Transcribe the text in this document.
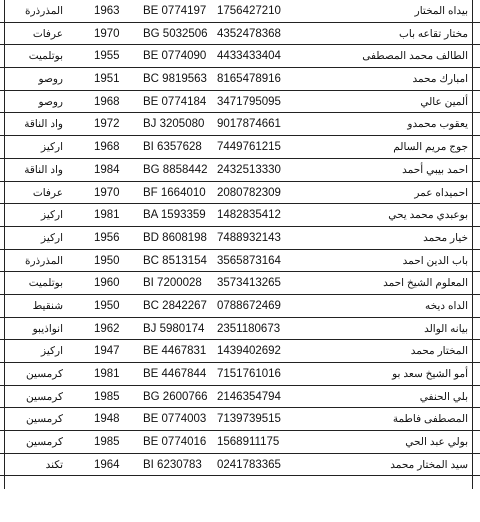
المذرذرة	1963	BE 0774197 1756427210	بيداه المختار
عرفات	1970	BG 5032506 4352478368	مختار تقاعه باب
بوتلميت	1955	BE 0774090 4433433404	الطالف محمد المصطفى
روصو	1951	BC 9819563 8165478916	امبارك محمد
روصو	1968	BE 0774184 3471795095	ألمين عالي
واد الناقة	1972	BJ 3205080	9017874661	يعقوب محمدو
اركيز	1968	BI 6357628	7449761215	جوج مريم السالم
واد الناقة	1984	BG 8858442 2432513330	احمد بيبي أحمد
عرفات	1970	BF 1664010 2080782309	احميداه عمر
اركيز	1981	BA 1593359 1482835412	بوعبدي محمد يحي
اركيز	1956	BD 8608198 7488932143	خيار محمد
المذرذرة	1950	BC 8513154 3565873164	باب الدين احمد
بوتلميت	1960	BI 7200028	3573413265	المعلوم الشيخ احمد
شنقيط	1950	BC 2842267 0788672469	الداه ديخه
انواذيبو	1962	BJ 5980174	2351180673	بيانه الوالد
اركيز	1947	BE 4467831 1439402692	المختار محمد
كرمسين	1981	BE 4467844 7151761016	أمو الشيخ سعد بو
كرمسين	1985	BG 2600766 2146354794	بلي الحنفي
كرمسين	1948	BE 0774003 7139739515	المصطفى فاطمة
كرمسين	1985	BE 0774016 1568911175	بولي عبد الحي
تكند	1964	BI 6230783	0241783365	سيد المختار محمد
